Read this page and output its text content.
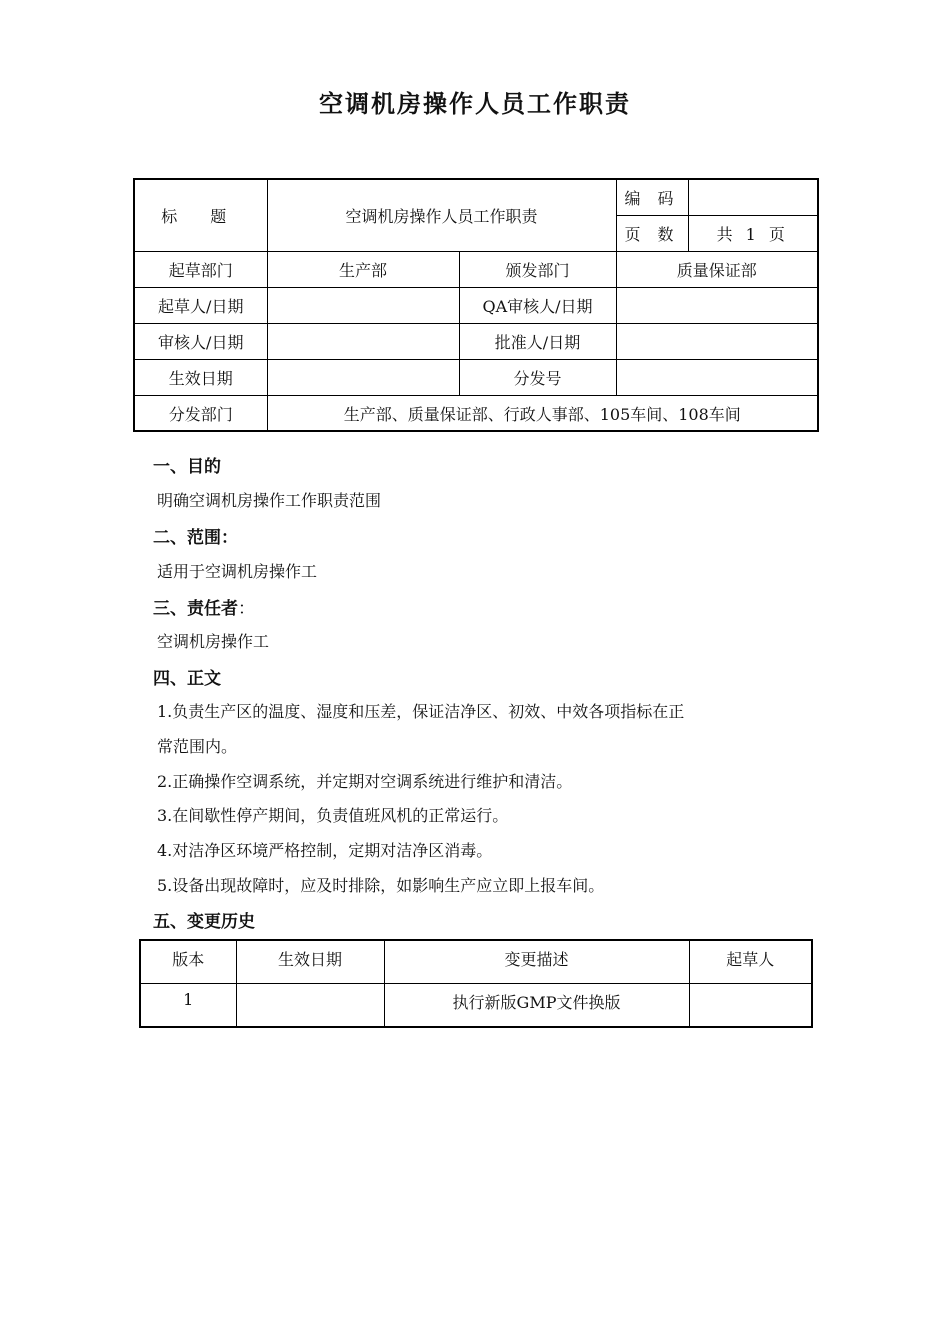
空调机房操作人员工作职责
标 题	空调机房操作人员工作职责		编 码	
			页 数	共 1 页
起草部门	生产部	颁发部门	质量保证部	
起草人/日期		QA审核人/日期		
审核人/日期		批准人/日期		
生效日期		分发号		
分发部门	生产部、质量保证部、行政人事部、105车间、108车间			
一、目的
明确空调机房操作工作职责范围
二、范围：
适用于空调机房操作工
三、责任者：
空调机房操作工
四、正文
1.负责生产区的温度、湿度和压差，保证洁净区、初效、中效各项指标在正
常范围内。
2.正确操作空调系统，并定期对空调系统进行维护和清洁。
3.在间歇性停产期间，负责值班风机的正常运行。
4.对洁净区环境严格控制，定期对洁净区消毒。
5.设备出现故障时，应及时排除，如影响生产应立即上报车间。
五、变更历史
版本	生效日期	变更描述	起草人
1		执行新版GMP文件换版	
